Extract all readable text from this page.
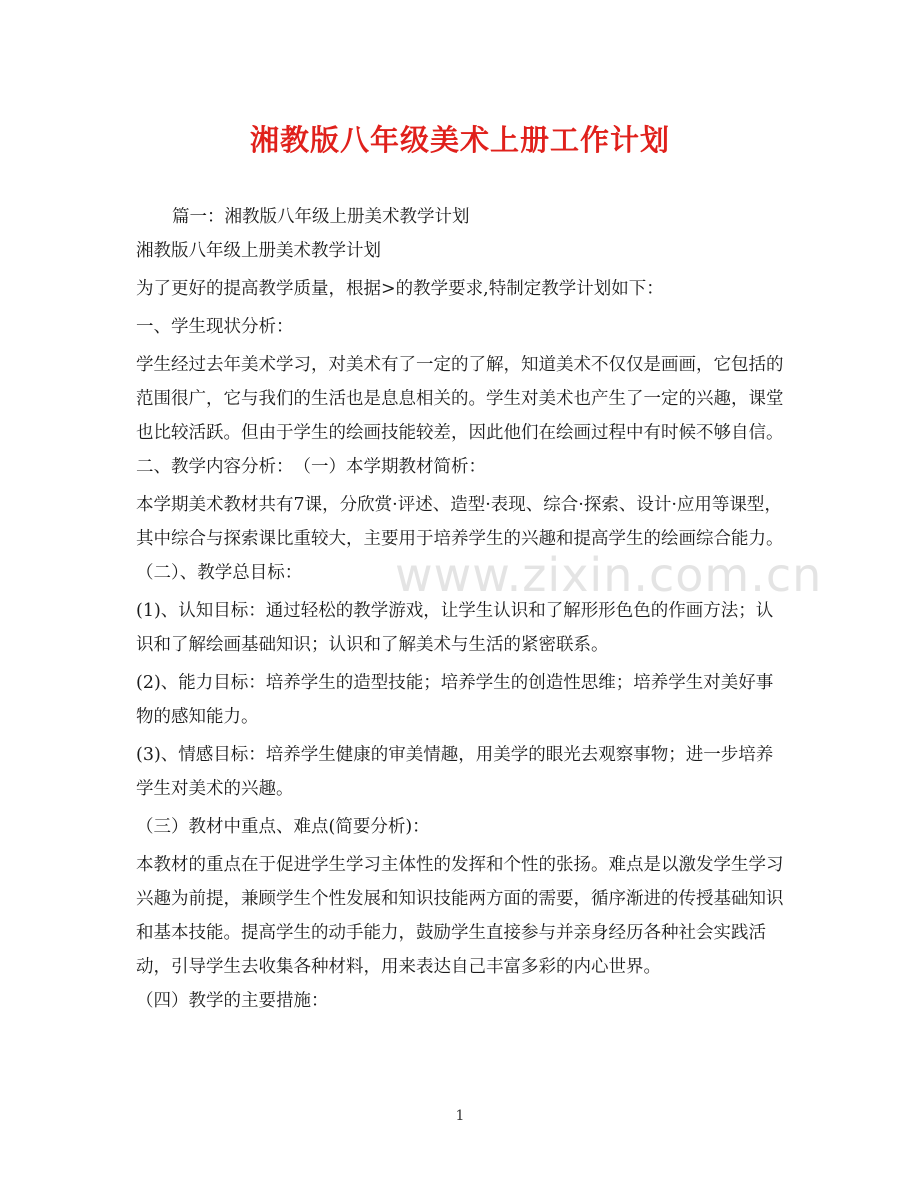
湘教版八年级美术上册工作计划

篇一：湘教版八年级上册美术教学计划

湘教版八年级上册美术教学计划

为了更好的提高教学质量，根据>的教学要求,特制定教学计划如下：

一、学生现状分析：

学生经过去年美术学习，对美术有了一定的了解，知道美术不仅仅是画画，它包括的范围很广，它与我们的生活也是息息相关的。学生对美术也产生了一定的兴趣，课堂也比较活跃。但由于学生的绘画技能较差，因此他们在绘画过程中有时候不够自信。　　二、教学内容分析：　（一）本学期教材简析：

本学期美术教材共有7课，分欣赏·评述、造型·表现、综合·探索、设计·应用等课型，其中综合与探索课比重较大，主要用于培养学生的兴趣和提高学生的绘画综合能力。 （二）、教学总目标：

(1)、认知目标：通过轻松的教学游戏，让学生认识和了解形形色色的作画方法；认识和了解绘画基础知识；认识和了解美术与生活的紧密联系。

(2)、能力目标：培养学生的造型技能；培养学生的创造性思维；培养学生对美好事物的感知能力。

(3)、情感目标：培养学生健康的审美情趣，用美学的眼光去观察事物；进一步培养学生对美术的兴趣。

（三）教材中重点、难点(简要分析)：

本教材的重点在于促进学生学习主体性的发挥和个性的张扬。难点是以激发学生学习兴趣为前提，兼顾学生个性发展和知识技能两方面的需要，循序渐进的传授基础知识和基本技能。提高学生的动手能力，鼓励学生直接参与并亲身经历各种社会实践活动，引导学生去收集各种材料，用来表达自己丰富多彩的内心世界。

（四）教学的主要措施：

www.zixin.com.cn
1
